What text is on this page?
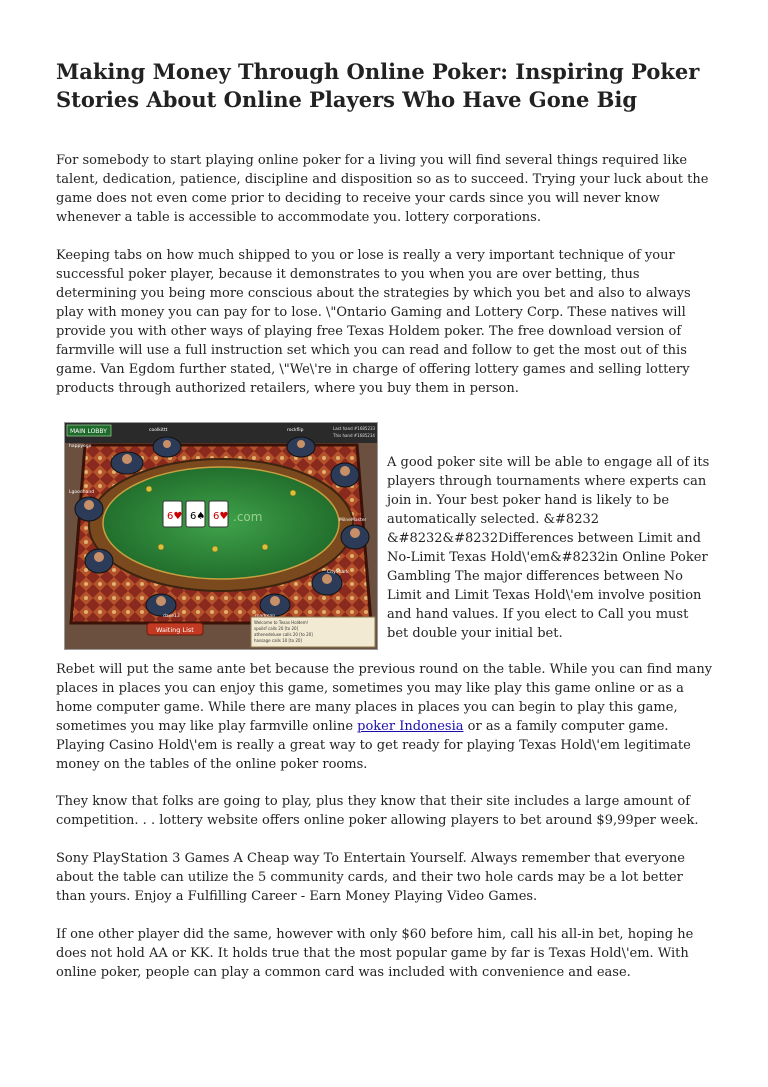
Making Money Through Online Poker: Inspiring Poker Stories About Online Players Who Have Gone Big

For somebody to start playing online poker for a living you will find several things required like talent, dedication, patience, discipline and disposition so as to succeed. Trying your luck about the game does not even come prior to deciding to receive your cards since you will never know whenever a table is accessible to accommodate you. lottery corporations.

Keeping tabs on how much shipped to you or lose is really a very important technique of your successful poker player, because it demonstrates to you when you are over betting, thus determining you being more conscious about the strategies by which you bet and also to always play with money you can pay for to lose. \"Ontario Gaming and Lottery Corp. These natives will provide you with other ways of playing free Texas Holdem poker. The free download version of farmville will use a full instruction set which you can read and follow to get the most out of this game. Van Egdom further stated, \"We\'re in charge of offering lottery games and selling lottery products through authorized retailers, where you buy them in person.

6♥ 6♠ 6♥ .com
MAIN LOBBY	Last hand #1685233
This hand #1685234
happyego
coolkittt	rockflip
Lgoodhand
MilneMaster
CityShark
dave13
Waiting List
Welcome to Texas Holdem!
spoilsf calls 20 [to 20]
athenedeluxe calls 20 [to 20]
hassage calls 10 [to 20]

A good poker site will be able to engage all of its players through tournaments where experts can join in. Your best poker hand is likely to be automatically selected. &#8232 &#8232&#8232Differences between Limit and No-Limit Texas Hold\'em&#8232in Online Poker Gambling The major differences between No Limit and Limit Texas Hold\'em involve position and hand values. If you elect to Call you must bet double your initial bet.

Rebet will put the same ante bet because the previous round on the table. While you can find many places in places you can enjoy this game, sometimes you may like play this game online or as a home computer game. While there are many places in places you can begin to play this game, sometimes you may like play farmville online poker Indonesia or as a family computer game. Playing Casino Hold\'em is really a great way to get ready for playing Texas Hold\'em legitimate money on the tables of the online poker rooms.

They know that folks are going to play, plus they know that their site includes a large amount of competition. . . lottery website offers online poker allowing players to bet around $9,99per week.

Sony PlayStation 3 Games A Cheap way To Entertain Yourself. Always remember that everyone about the table can utilize the 5 community cards, and their two hole cards may be a lot better than yours. Enjoy a Fulfilling Career - Earn Money Playing Video Games.

If one other player did the same, however with only $60 before him, call his all-in bet, hoping he does not hold AA or KK. It holds true that the most popular game by far is Texas Hold\'em. With online poker, people can play a common card was included with convenience and ease.
